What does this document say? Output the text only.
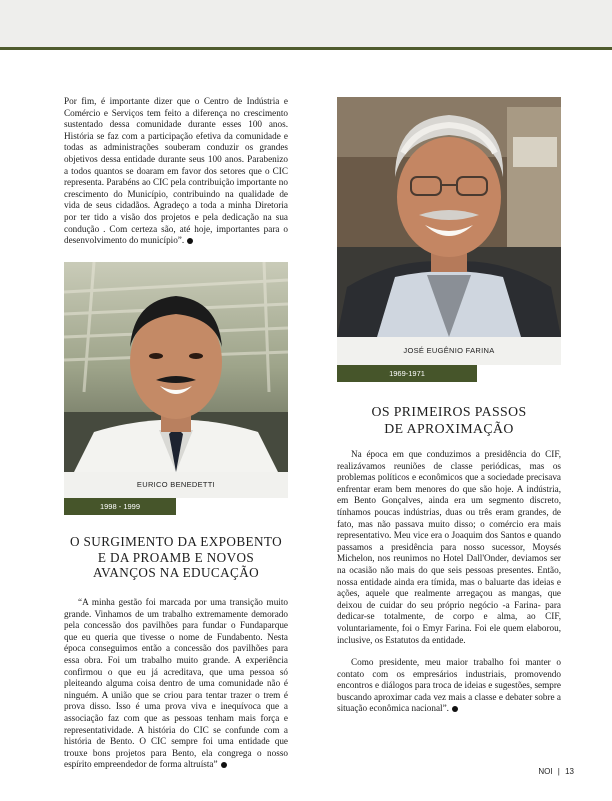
Por fim, é importante dizer que o Centro de Indústria e Comércio e Serviços tem feito a diferença no crescimento sustentado dessa comunidade durante esses 100 anos. História se faz com a participação efetiva da comunidade e todas as administrações souberam conduzir os grandes objetivos dessa entidade durante seus 100 anos. Parabenizo a todos quantos se doaram em favor dos setores que o CIC representa. Parabéns ao CIC pela contribuição importante no crescimento do Município, contribuindo na qualidade de vida de seus cidadãos. Agradeço a toda a minha Diretoria por ter tido a visão dos projetos e pela dedicação na sua condução . Com certeza são, até hoje, importantes para o desenvolvimento do município”.

EURICO BENEDETTI
1998 - 1999
O SURGIMENTO DA EXPOBENTO
E DA PROAMB E NOVOS
AVANÇOS NA EDUCAÇÃO

“A minha gestão foi marcada por uma transição muito grande. Vinhamos de um trabalho extremamente demorado pela concessão dos pavilhões para fundar o Fundaparque que eu queria que tivesse o nome de Fundabento. Nesta época conseguimos então a concessão dos pavilhões para essa obra. Foi um trabalho muito grande. A experiência confirmou o que eu já acreditava, que uma pessoa só pleiteando alguma coisa dentro de uma comunidade não é ninguém. A união que se criou para tentar trazer o trem é prova disso. Isso é uma prova viva e inequívoca que a associação faz com que as pessoas tenham mais força e representatividade. A história do CIC se confunde com a história de Bento. O CIC sempre foi uma entidade que trouxe bons projetos para Bento, ela congrega o nosso espírito empreendedor de forma altruísta”

JOSÉ EUGÊNIO FARINA
1969-1971
OS PRIMEIROS PASSOS
DE APROXIMAÇÃO

Na época em que conduzimos a presidência do CIF, realizávamos reuniões de classe periódicas, mas os problemas políticos e econômicos que a sociedade precisava enfrentar eram bem menores do que são hoje. A indústria, em Bento Gonçalves, ainda era um segmento discreto, tínhamos poucas indústrias, duas ou três eram grandes, de fato, mas não passava muito disso; o comércio era mais representativo. Meu vice era o Joaquim dos Santos e quando passamos a presidência para nosso sucessor, Moysés Michelon, nos reunimos no Hotel Dall'Onder, deviamos ser na ocasião não mais do que seis pessoas presentes. Então, nossa entidade ainda era tímida, mas o baluarte das ideias e ações, aquele que realmente arregaçou as mangas, que deixou de cuidar do seu próprio negócio -a Farina- para dedicar-se totalmente, de corpo e alma, ao CIF, voluntariamente, foi o Emyr Farina. Foi ele quem elaborou, inclusive, os Estatutos da entidade.

Como presidente, meu maior trabalho foi manter o contato com os empresários industriais, promovendo encontros e diálogos para troca de ideias e sugestões, sempre buscando aproximar cada vez mais a classe e debater sobre a situação econômica nacional”.

NOI | 13
